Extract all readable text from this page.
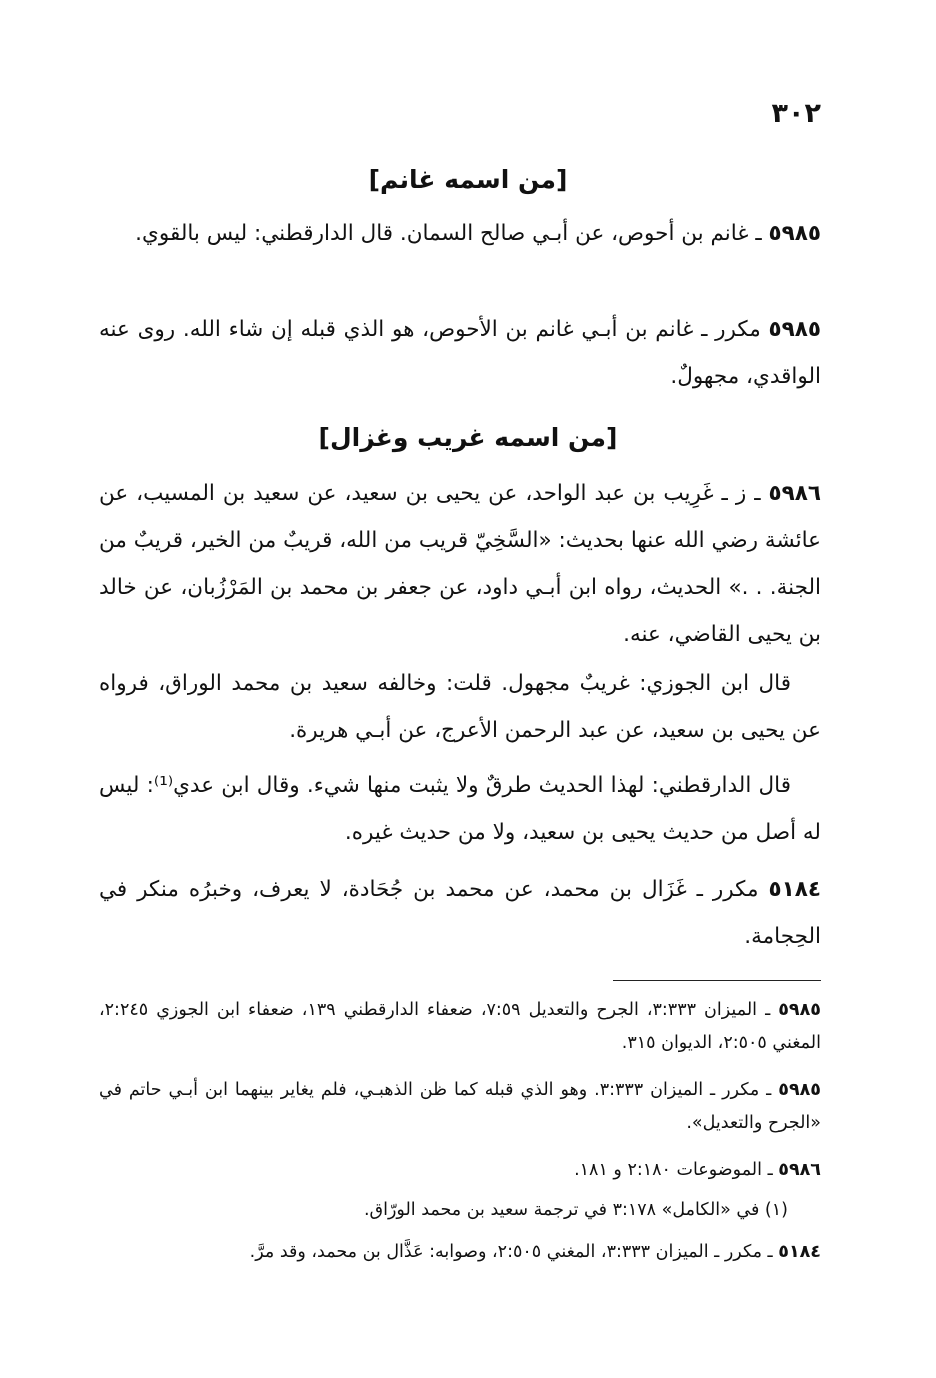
٣٠٢
[من اسمه غانم]
٥٩٨٥ ـ غانم بن أحوص، عن أبـي صالح السمان. قال الدارقطني: ليس بالقوي.
٥٩٨٥ مكرر ـ غانم بن أبـي غانم بن الأحوص، هو الذي قبله إن شاء الله. روى عنه الواقدي، مجهولٌ.
[من اسمه غريب وغزال]
٥٩٨٦ ـ ز ـ غَرِيب بن عبد الواحد، عن يحيى بن سعيد، عن سعيد بن المسيب، عن عائشة رضي الله عنها بحديث: «السَّخِيّ قريب من الله، قريبٌ من الخير، قريبٌ من الجنة. . .» الحديث، رواه ابن أبـي داود، عن جعفر بن محمد بن المَرْزُبان، عن خالد بن يحيى القاضي، عنه.
قال ابن الجوزي: غريبٌ مجهول. قلت: وخالفه سعيد بن محمد الوراق، فرواه عن يحيى بن سعيد، عن عبد الرحمن الأعرج، عن أبـي هريرة.
قال الدارقطني: لهذا الحديث طرقٌ ولا يثبت منها شيء. وقال ابن عدي⁽¹⁾: ليس له أصل من حديث يحيى بن سعيد، ولا من حديث غيره.
٥١٨٤ مكرر ـ غَزَال بن محمد، عن محمد بن جُحَادة، لا يعرف، وخبرُه منكر في الحِجامة.
٥٩٨٥ ـ الميزان ٣:٣٣٣، الجرح والتعديل ٧:٥٩، ضعفاء الدارقطني ١٣٩، ضعفاء ابن الجوزي ٢:٢٤٥، المغني ٢:٥٠٥، الديوان ٣١٥.
٥٩٨٥ ـ مكرر ـ الميزان ٣:٣٣٣. وهو الذي قبله كما ظن الذهبـي، فلم يغاير بينهما ابن أبـي حاتم في «الجرح والتعديل».
٥٩٨٦ ـ الموضوعات ٢:١٨٠ و ١٨١.
(١) في «الكامل» ٣:١٧٨ في ترجمة سعيد بن محمد الورّاق.
٥١٨٤ ـ مكرر ـ الميزان ٣:٣٣٣، المغني ٢:٥٠٥، وصوابه: عَذَّال بن محمد، وقد مرَّ.
